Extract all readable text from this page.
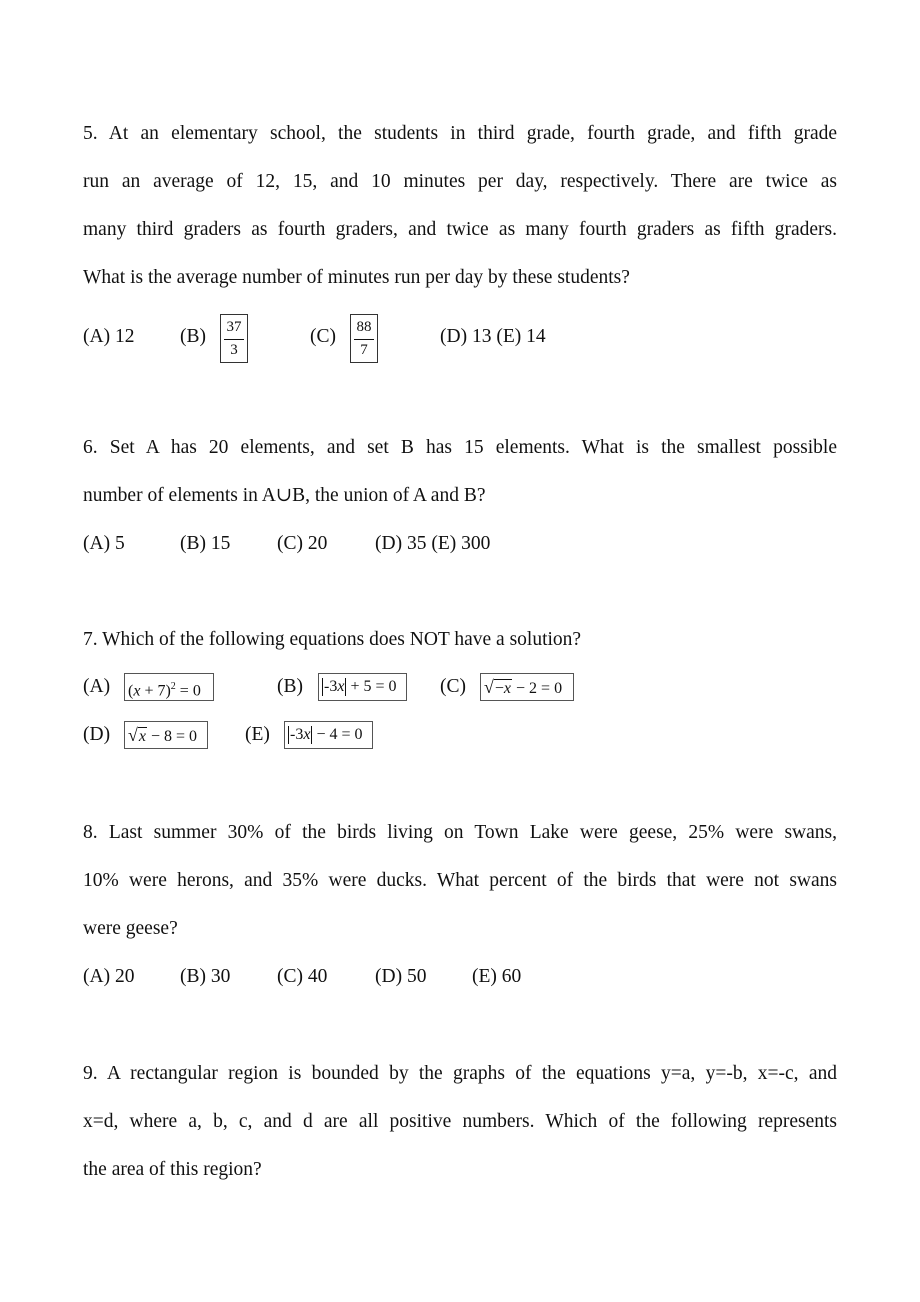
5. At an elementary school, the students in third grade, fourth grade, and fifth grade
run an average of 12, 15, and 10 minutes per day, respectively. There are twice as
many third graders as fourth graders, and twice as many fourth graders as fifth graders.
What is the average number of minutes run per day by these students?
(A) 12 (B) 37
3
(C) 88
7
(D) 13 (E) 14
6. Set A has 20 elements, and set B has 15 elements. What is the smallest possible
number of elements in A∪B, the union of A and B?
(A) 5	(B) 15 (C) 20 (D) 35 (E) 300
7. Which of the following equations does NOT have a solution?
(A) $(x + 7)^2 = 0$	(B)	-3x + 5 = 0	(C) √−x − 2 = 0
(D) √x − 8 = 0	(E)	-3x − 4 = 0
8. Last summer 30% of the birds living on Town Lake were geese, 25% were swans,
10% were herons, and 35% were ducks. What percent of the birds that were not swans
were geese?
(A) 20 (B) 30 (C) 40 (D) 50 (E) 60
9. A rectangular region is bounded by the graphs of the equations y=a, y=-b, x=-c, and
x=d, where a, b, c, and d are all positive numbers. Which of the following represents
the area of this region?
